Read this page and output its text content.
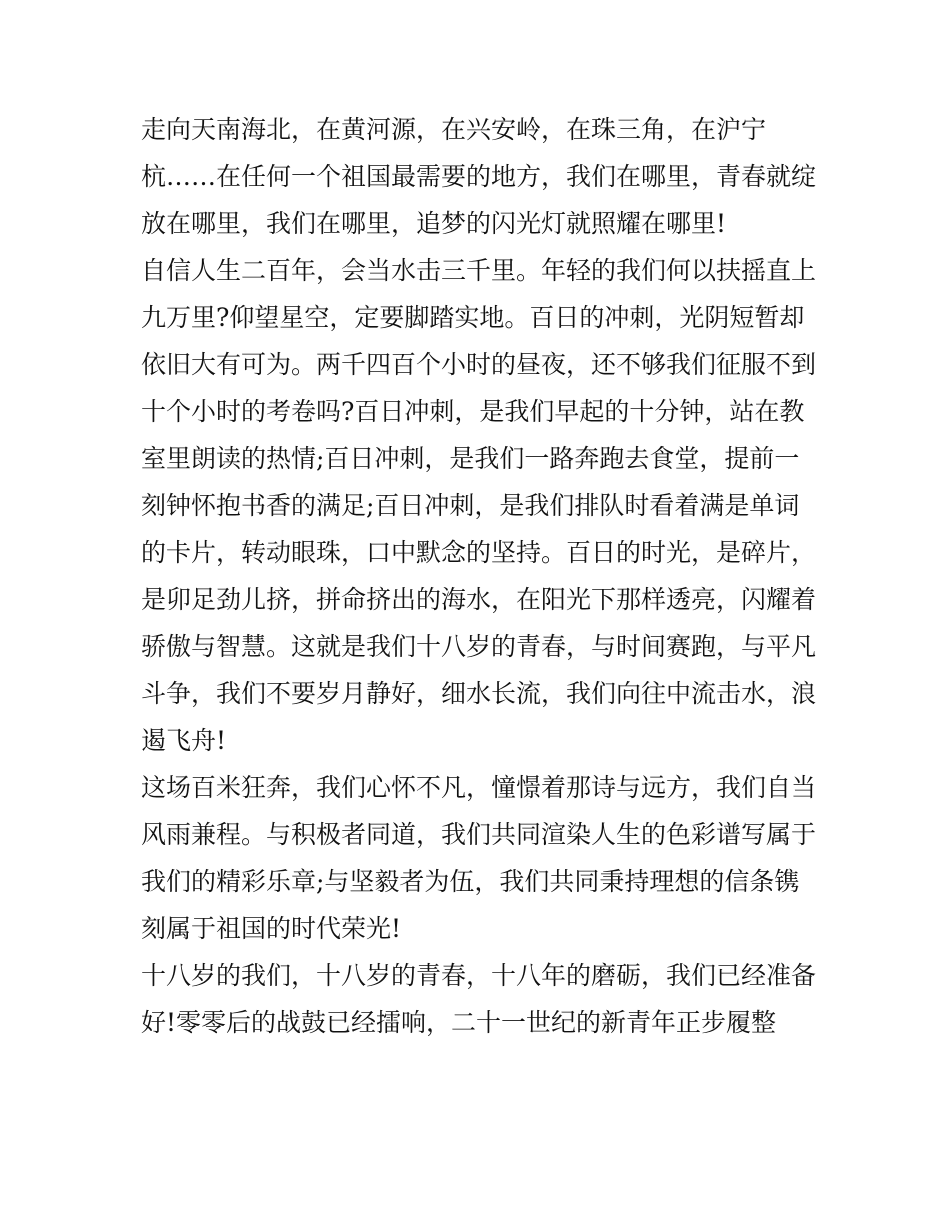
走向天南海北，在黄河源，在兴安岭，在珠三角，在沪宁
杭……在任何一个祖国最需要的地方，我们在哪里，青春就绽
放在哪里，我们在哪里，追梦的闪光灯就照耀在哪里!
自信人生二百年，会当水击三千里。年轻的我们何以扶摇直上
九万里?仰望星空，定要脚踏实地。百日的冲刺，光阴短暂却
依旧大有可为。两千四百个小时的昼夜，还不够我们征服不到
十个小时的考卷吗?百日冲刺，是我们早起的十分钟，站在教
室里朗读的热情;百日冲刺，是我们一路奔跑去食堂，提前一
刻钟怀抱书香的满足;百日冲刺，是我们排队时看着满是单词
的卡片，转动眼珠，口中默念的坚持。百日的时光，是碎片，
是卯足劲儿挤，拼命挤出的海水，在阳光下那样透亮，闪耀着
骄傲与智慧。这就是我们十八岁的青春，与时间赛跑，与平凡
斗争，我们不要岁月静好，细水长流，我们向往中流击水，浪
遏飞舟!
这场百米狂奔，我们心怀不凡，憧憬着那诗与远方，我们自当
风雨兼程。与积极者同道，我们共同渲染人生的色彩谱写属于
我们的精彩乐章;与坚毅者为伍，我们共同秉持理想的信条镌
刻属于祖国的时代荣光!
十八岁的我们，十八岁的青春，十八年的磨砺，我们已经准备
好!零零后的战鼓已经擂响，二十一世纪的新青年正步履整
